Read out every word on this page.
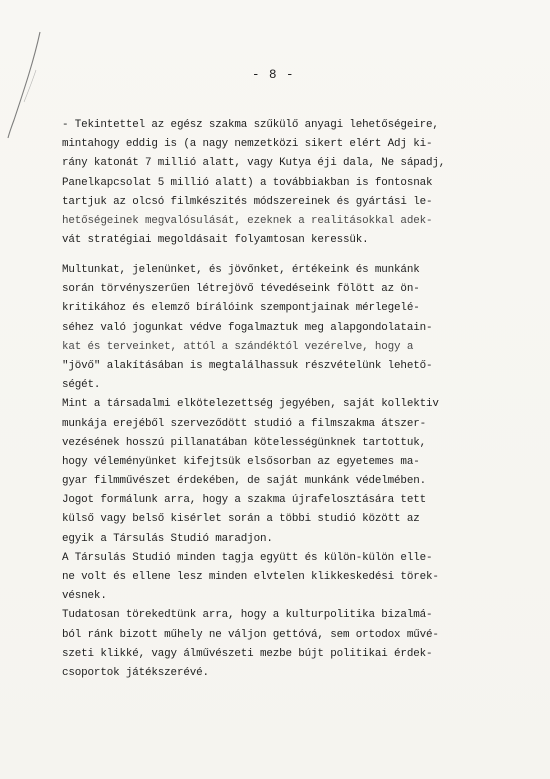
- 8 -
- Tekintettel az egész szakma szűkülő anyagi lehetőségeire,
mintahogy eddig is (a nagy nemzetközi sikert elért Adj ki-
rány katonát 7 millió alatt, vagy Kutya éji dala, Ne sápadj,
Panelkapcsolat 5 millió alatt) a továbbiakban is fontosnak
tartjuk az olcsó filmkészités módszereinek és gyártási le-
hetőségeinek megvalósulását, ezeknek a realitásokkal adek-
vát stratégiai megoldásait folyamtosan keressük.
Multunkat, jelenünket, és jövőnket, értékeink és munkánk
során törvényszerűen létrejövő tévedéseink fölött az ön-
kritikához és elemző bírálóink szempontjainak mérlegelé-
séhez való jogunkat védve fogalmaztuk meg alapgondolatain-
kat és terveinket, attól a szándéktól vezérelve, hogy a
"jövő" alakításában is megtalálhassuk részvételünk lehető-
ségét.
Mint a társadalmi elkötelezettség jegyében, saját kollektiv
munkája erejéből szerveződött studió a filmszakma átszer-
vezésének hosszú pillanatában kötelességünknek tartottuk,
hogy véleményünket kifejtsük elsősorban az egyetemes ma-
gyar filmművészet érdekében, de saját munkánk védelmében.
Jogot formálunk arra, hogy a szakma újrafelosztására tett
külső vagy belső kisérlet során a többi studió között az
egyik a Társulás Studió maradjon.
A Társulás Studió minden tagja együtt és külön-külön elle-
ne volt és ellene lesz minden elvtelen klikkeskedési törek-
vésnek.
Tudatosan törekedtünk arra, hogy a kulturpolitika bizalmá-
ból ránk bizott műhely ne váljon gettóvá, sem ortodox művé-
szeti klikké, vagy álművészeti mezbe bújt politikai érdek-
csoportok játékszerévé.
